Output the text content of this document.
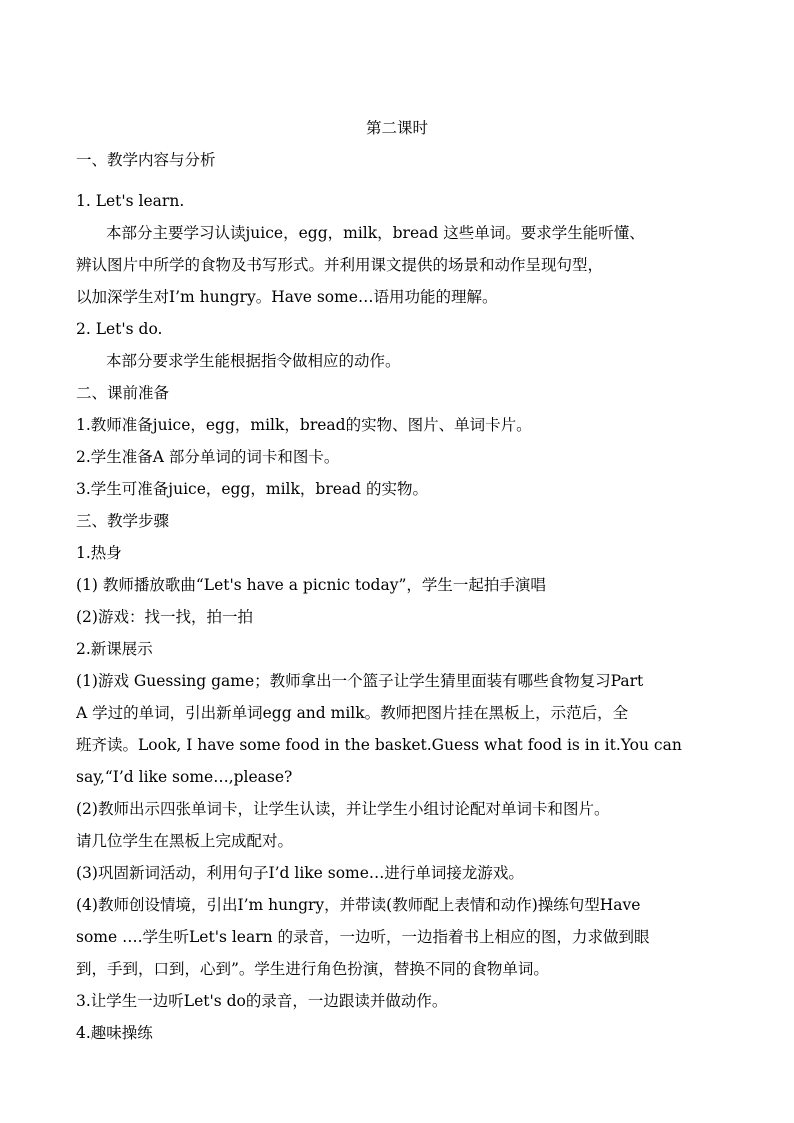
第二课时
一、教学内容与分析
1. Let's learn.
本部分主要学习认读juice，egg，milk，bread 这些单词。要求学生能听懂、
辨认图片中所学的食物及书写形式。并利用课文提供的场景和动作呈现句型，
以加深学生对I’m hungry。Have some…语用功能的理解。
2. Let's do.
本部分要求学生能根据指令做相应的动作。
二、课前准备
1.教师准备juice，egg，milk，bread的实物、图片、单词卡片。
2.学生准备A 部分单词的词卡和图卡。
3.学生可准备juice，egg，milk，bread 的实物。
三、教学步骤
1.热身
(1) 教师播放歌曲“Let's have a picnic today”，学生一起拍手演唱
(2)游戏：找一找，拍一拍
2.新课展示
(1)游戏 Guessing game；教师拿出一个篮子让学生猜里面装有哪些食物复习Part
A 学过的单词，引出新单词egg and milk。教师把图片挂在黑板上，示范后，全
班齐读。Look, I have some food in the basket.Guess what food is in it.You can
say,“I’d like some…,please?
(2)教师出示四张单词卡，让学生认读，并让学生小组讨论配对单词卡和图片。
请几位学生在黑板上完成配对。
(3)巩固新词活动，利用句子I’d like some…进行单词接龙游戏。
(4)教师创设情境，引出I’m hungry，并带读(教师配上表情和动作)操练句型Have
some ….学生听Let's learn 的录音，一边听，一边指着书上相应的图，力求做到眼
到，手到，口到，心到”。学生进行角色扮演，替换不同的食物单词。
3.让学生一边听Let's do的录音，一边跟读并做动作。
4.趣味操练
